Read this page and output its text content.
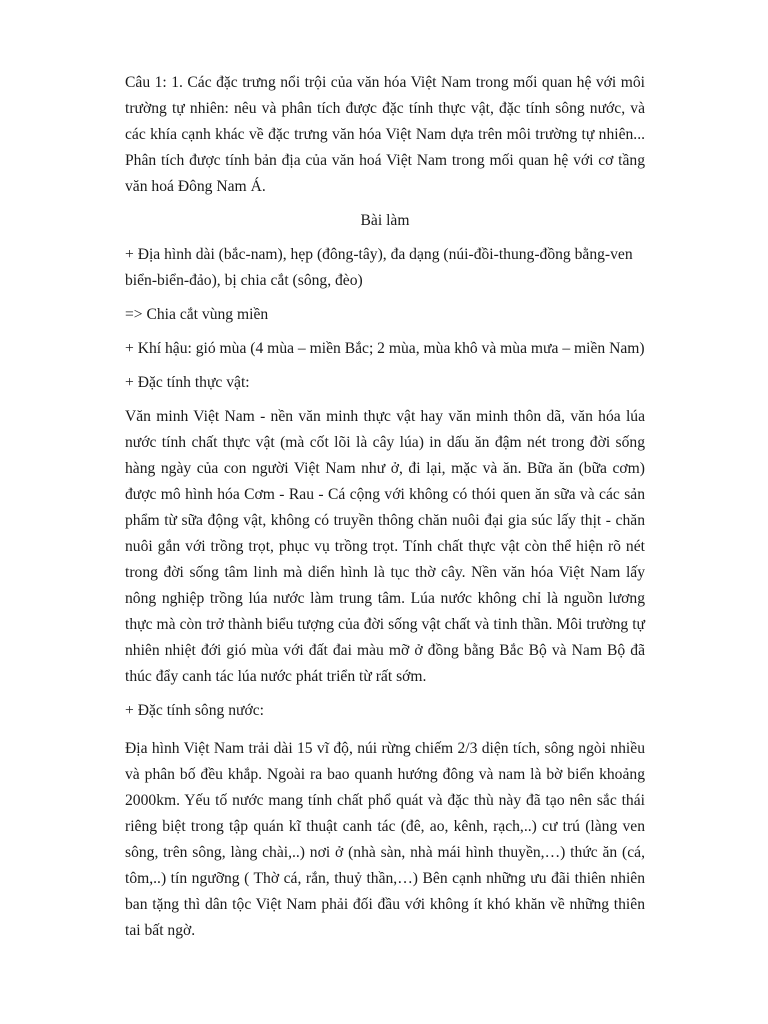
Câu 1: 1. Các đặc trưng nổi trội của văn hóa Việt Nam trong mối quan hệ với môi trường tự nhiên: nêu và phân tích được đặc tính thực vật, đặc tính sông nước, và các khía cạnh khác về đặc trưng văn hóa Việt Nam dựa trên môi trường tự nhiên... Phân tích được tính bản địa của văn hoá Việt Nam trong mối quan hệ với cơ tầng văn hoá Đông Nam Á.

Bài làm

+ Địa hình dài (bắc-nam), hẹp (đông-tây), đa dạng (núi-đồi-thung-đồng bằng-ven biển-biển-đảo), bị chia cắt (sông, đèo)

=> Chia cắt vùng miền

+ Khí hậu: gió mùa (4 mùa – miền Bắc; 2 mùa, mùa khô và mùa mưa – miền Nam)

+ Đặc tính thực vật:

Văn minh Việt Nam - nền văn minh thực vật hay văn minh thôn dã, văn hóa lúa nước tính chất thực vật (mà cốt lõi là cây lúa) in dấu ăn đậm nét trong đời sống hàng ngày của con người Việt Nam như ở, đi lại, mặc và ăn. Bữa ăn (bữa cơm) được mô hình hóa Cơm - Rau - Cá cộng với không có thói quen ăn sữa và các sản phẩm từ sữa động vật, không có truyền thông chăn nuôi đại gia súc lấy thịt - chăn nuôi gắn với trồng trọt, phục vụ trồng trọt. Tính chất thực vật còn thể hiện rõ nét trong đời sống tâm linh mà diển hình là tục thờ cây. Nền văn hóa Việt Nam lấy nông nghiệp trồng lúa nước làm trung tâm. Lúa nước không chỉ là nguồn lương thực mà còn trở thành biểu tượng của đời sống vật chất và tinh thần. Môi trường tự nhiên nhiệt đới gió mùa với đất đai màu mỡ ở đồng bằng Bắc Bộ và Nam Bộ đã thúc đẩy canh tác lúa nước phát triển từ rất sớm.

+ Đặc tính sông nước:

Địa hình Việt Nam trải dài 15 vĩ độ, núi rừng chiếm 2/3 diện tích, sông ngòi nhiều và phân bố đều khắp. Ngoài ra bao quanh hướng đông và nam là bờ biển khoảng 2000km. Yếu tố nước mang tính chất phổ quát và đặc thù này đã tạo nên sắc thái riêng biệt trong tập quán kĩ thuật canh tác (đê, ao, kênh, rạch,..) cư trú (làng ven sông, trên sông, làng chài,..) nơi ở (nhà sàn, nhà mái hình thuyền,…) thức ăn (cá, tôm,..) tín ngưỡng ( Thờ cá, rắn, thuỷ thần,…) Bên cạnh những ưu đãi thiên nhiên ban tặng thì dân tộc Việt Nam phải đối đầu với không ít khó khăn về những thiên tai bất ngờ.
